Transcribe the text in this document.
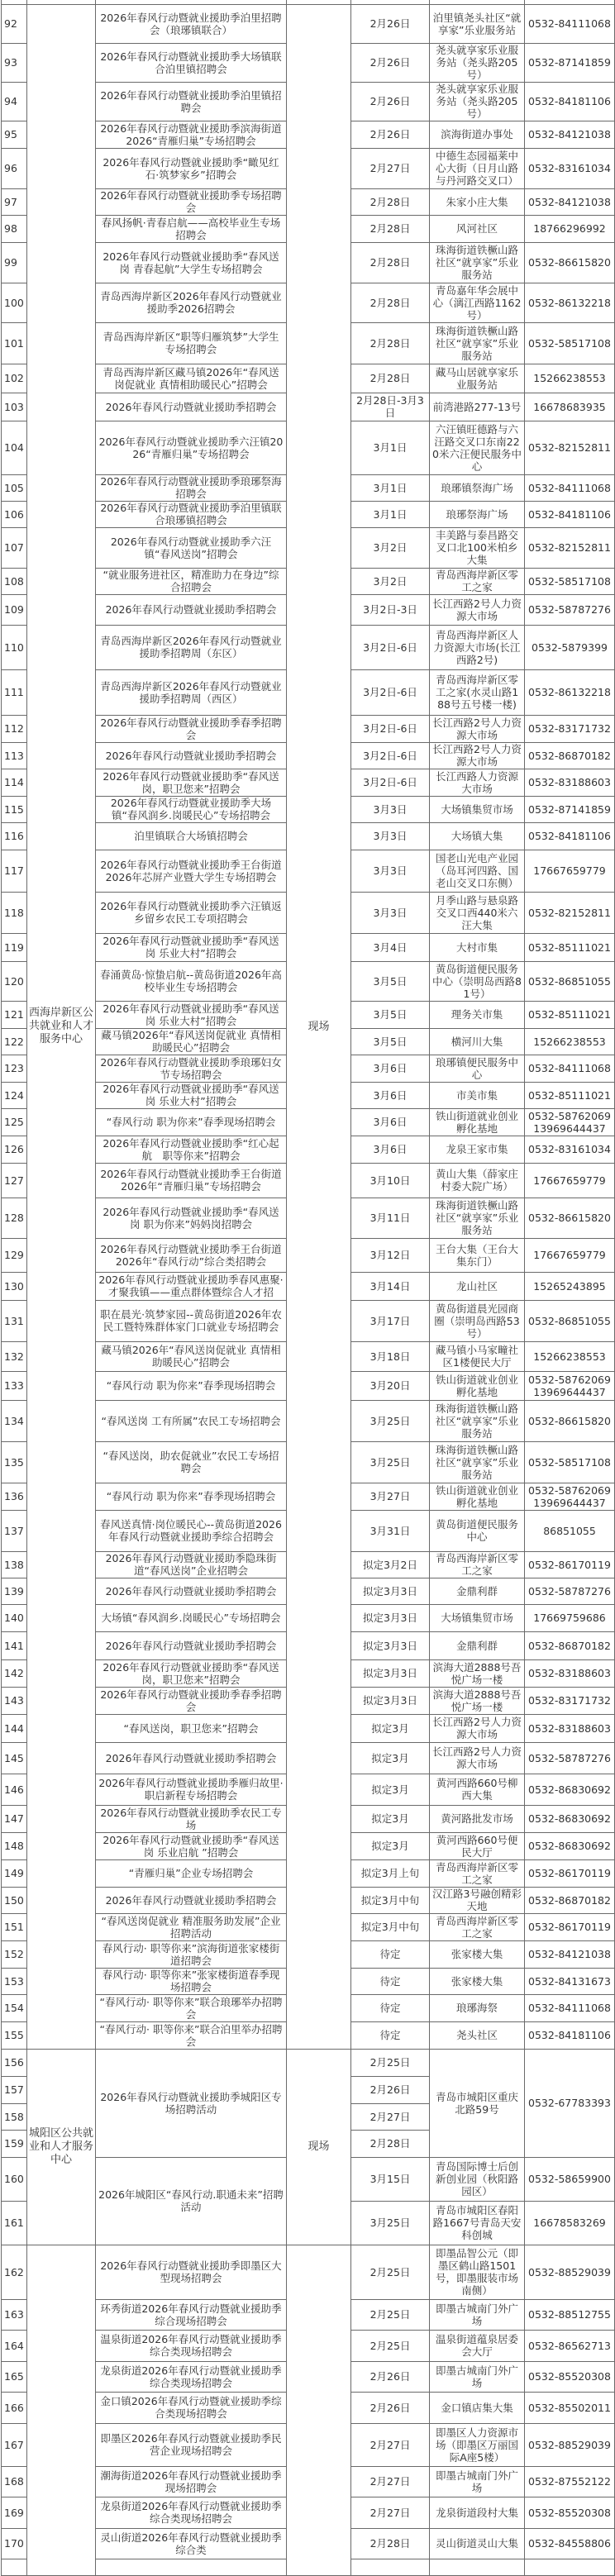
92	西海岸新区公共就业和人才服务中心	2026年春风行动暨就业援助季泊里招聘会（琅琊镇联合）	现场	2月26日	泊里镇尧头社区“就享家”乐业服务站	0532-84111068
93		2026年春风行动暨就业援助季大场镇联合泊里镇招聘会		2月26日	尧头就享家乐业服务站（尧头路205号）	0532-87141859
94		2026年春风行动暨就业援助季泊里镇招聘会		2月26日	尧头就享家乐业服务站（尧头路205号）	0532-84181106
95		2026年春风行动暨就业援助季滨海街道2026“青雁归巢”专场招聘会		2月26日	滨海街道办事处	0532-84121038
96		2026年春风行动暨就业援助季“瞰见红石·筑梦家乡”招聘会		2月27日	中德生态园福莱中心大街（日月山路与丹河路交叉口）	0532-83161034
97		2026年春风行动暨就业援助季专场招聘会		2月28日	朱家小庄大集	0532-84121038
98		春风扬帆·青春启航——高校毕业生专场招聘会		2月28日	风河社区	18766296992
99		2026年春风行动暨就业援助季“春风送岗 青春起航”大学生专场招聘会		2月28日	珠海街道铁橛山路社区“就享家”乐业服务站	0532-86615820
100		青岛西海岸新区2026年春风行动暨就业援助季2026招聘会		2月28日	青岛嘉年华会展中心（漓江西路1162号）	0532-86132218
101		青岛西海岸新区“职等归雁筑梦”大学生专场招聘会		2月28日	珠海街道铁橛山路社区“就享家”乐业服务站	0532-58517108
102		青岛西海岸新区藏马镇2026年“春风送岗促就业 真情相助暖民心”招聘会		2月28日	藏马山居就享家乐业服务站	15266238553
103		2026年春风行动暨就业援助季招聘会		2月28日-3月3日	前湾港路277-13号	16678683935
104		2026年春风行动暨就业援助季六汪镇2026“青雁归巢”专场招聘会		3月1日	六汪镇旺德路与六汪路交叉口东南220米六汪便民服务中心	0532-82152811
105		2026年春风行动暨就业援助季琅琊祭海招聘会		3月1日	琅琊镇祭海广场	0532-84111068
106		2026年春风行动暨就业援助季泊里镇联合琅琊镇招聘会		3月1日	琅琊祭海广场	0532-84181106
107		2026年春风行动暨就业援助季六汪镇“春风送岗”招聘会		3月2日	丰美路与泰昌路交叉口北100米柏乡大集	0532-82152811
108		“就业服务进社区，精准助力在身边”综合招聘会		3月2日	青岛西海岸新区零工之家	0532-58517108
109		2026年春风行动暨就业援助季招聘会		3月2日-3日	长江西路2号人力资源大市场	0532-58787276
110		青岛西海岸新区2026年春风行动暨就业援助季招聘周（东区）		3月2日-6日	青岛西海岸新区人力资源大市场(长江西路2号)	0532-5879399
111		青岛西海岸新区2026年春风行动暨就业援助季招聘周（西区）		3月2日-6日	青岛西海岸新区零工之家(水灵山路188号五号楼一楼)	0532-86132218
112		2026年春风行动暨就业援助季春季招聘会		3月2日-6日	长江西路2号人力资源大市场	0532-83171732
113		2026年春风行动暨就业援助季招聘会		3月2日-6日	长江西路2号人力资源大市场	0532-86870182
114		2026年春风行动暨就业援助季“春风送岗，职卫您来”招聘会		3月2日-6日	长江西路人力资源大市场	0532-83188603
115		2026年春风行动暨就业援助季大场镇“春风润乡.岗暖民心”专场招聘会		3月3日	大场镇集贸市场	0532-87141859
116		泊里镇联合大场镇招聘会		3月3日	大场镇大集	0532-84181106
117		2026年春风行动暨就业援助季王台街道2026年芯屏产业暨大学生专场招聘会		3月3日	国老山光电产业园（岛耳河四路、国老山交叉口东侧）	17667659779
118		2026年春风行动暨就业援助季六汪镇返乡留乡农民工专项招聘会		3月3日	月季山路与悬泉路交叉口西440米六汪大集	0532-82152811
119		2026年春风行动暨就业援助季“春风送岗 乐业大村”招聘会		3月4日	大村市集	0532-85111021
120		春涌黄岛·惊蛰启航--黄岛街道2026年高校毕业生专场招聘会		3月5日	黄岛街道便民服务中心（崇明岛西路81号）	0532-86851055
121		2026年春风行动暨就业援助季“春风送岗 乐业大村”招聘会		3月5日	理务关市集	0532-85111021
122		藏马镇2026年“春风送岗促就业 真情相助暖民心”招聘会		3月5日	横河川大集	15266238553
123		2026年春风行动暨就业援助季琅琊妇女节专场招聘会		3月6日	琅琊镇便民服务中心	0532-84111068
124		2026年春风行动暨就业援助季“春风送岗 乐业大村”招聘会		3月6日	市美市集	0532-85111021
125		“春风行动 职为你来”春季现场招聘会		3月6日	铁山街道就业创业孵化基地	0532-58762069
13969644437
126		2026年春风行动暨就业援助季“红心起航　职等你来”招聘会		3月6日	龙泉王家市集	0532-83161034
127		2026年春风行动暨就业援助季王台街道2026年“青雁归巢”专场招聘会		3月10日	黄山大集（薛家庄村委大院广场）	17667659779
128		2026年春风行动暨就业援助季“春风送岗 职为你来”妈妈岗招聘会		3月11日	珠海街道铁橛山路社区“就享家”乐业服务站	0532-86615820
129		2026年春风行动暨就业援助季王台街道2026年“春风行动”综合类招聘会		3月12日	王台大集（王台大集东门）	17667659779
130		2026年春风行动暨就业援助季春风惠聚·才聚我镇——重点群体暨综合人才招		3月14日	龙山社区	15265243895
131		职在晨光·筑梦家园--黄岛街道2026年农民工暨特殊群体家门口就业专场招聘会		3月17日	黄岛街道晨光园商圈（崇明岛西路53号）	0532-86851055
132		藏马镇2026年“春风送岗促就业 真情相助暖民心”招聘会		3月18日	藏马镇小马家疃社区1楼便民大厅	15266238553
133		“春风行动 职为你来”春季现场招聘会		3月20日	铁山街道就业创业孵化基地	0532-58762069
13969644437
134		“春风送岗 工有所属”农民工专场招聘会		3月25日	珠海街道铁橛山路社区“就享家”乐业服务站	0532-86615820
135		“春风送岗，助农促就业”农民工专场招聘会		3月25日	珠海街道铁橛山路社区“就享家”乐业服务站	0532-58517108
136		“春风行动 职为你来”春季现场招聘会		3月27日	铁山街道就业创业孵化基地	0532-58762069
13969644437
137		春风送真情·岗位暖民心--黄岛街道2026年春风行动暨就业援助季综合招聘会		3月31日	黄岛街道便民服务中心	86851055
138		2026年春风行动暨就业援助季隐珠街道“春风送岗”企业招聘会		拟定3月2日	青岛西海岸新区零工之家	0532-86170119
139		2026年春风行动暨就业援助季招聘会		拟定3月3日	金鼎利群	0532-58787276
140		大场镇“春风润乡.岗暖民心”专场招聘会		拟定3月3日	大场镇集贸市场	17669759686
141		2026年春风行动暨就业援助季招聘会		拟定3月3日	金鼎利群	0532-86870182
142		2026年春风行动暨就业援助季“春风送岗，职卫您来”招聘会		拟定3月3日	滨海大道2888号吾悦广场一楼	0532-83188603
143		2026年春风行动暨就业援助季春季招聘会		拟定3月3日	滨海大道2888号吾悦广场一楼	0532-83171732
144		“春风送岗，职卫您来”招聘会		拟定3月	长江西路2号人力资源大市场	0532-83188603
145		2026年春风行动暨就业援助季招聘会		拟定3月	长江西路2号人力资源大市场	0532-58787276
146		2026年春风行动暨就业援助季雁归故里·职启新程专场招聘会		拟定3月	黄河西路660号柳西大集	0532-86830692
147		2026年春风行动暨就业援助季农民工专场		拟定3月	黄河路批发市场	0532-86830692
148		2026年春风行动暨就业援助季“春风送岗 乐业启航 ”招聘会		拟定3月	黄河西路660号便民大厅	0532-86830692
149		“青雁归巢”企业专场招聘会		拟定3月上旬	青岛西海岸新区零工之家	0532-86170119
150		2026年春风行动暨就业援助季招聘会		拟定3月中旬	汉江路3号融创精彩天地	0532-86870182
151		“春风送岗促就业 精准服务助发展”企业招聘活动		拟定3月中旬	青岛西海岸新区零工之家	0532-86170119
152		春风行动· 职等你来”滨海街道张家楼街道招聘会		待定	张家楼大集	0532-84121038
153		春风行动· 职等你来”张家楼街道春季现场招聘会		待定	张家楼大集	0532-84131673
154		“春风行动· 职等你来”联合琅琊举办招聘会		待定	琅琊海祭	0532-84111068
155		“春风行动· 职等你来”联合泊里举办招聘会		待定	尧头社区	0532-84181106
156	城阳区公共就业和人才服务中心	2026年春风行动暨就业援助季城阳区专场招聘活动	现场	2月25日	青岛市城阳区重庆北路59号	0532-67783393
157				2月26日		
158				2月27日		
159				2月28日		
160		2026年城阳区“春风行动.职通未来”招聘活动		3月15日	青岛国际博士后创新创业园（秋阳路园区）	0532-58659900
161				3月25日	青岛市城阳区春阳路1667号青岛天安科创城	16678583269
162		2026年春风行动暨就业援助季即墨区大型现场招聘会		2月25日	即墨品智公元（即墨区鹤山路1501号，即墨服装市场南侧）	0532-88529039
163		环秀街道2026年春风行动暨就业援助季综合现场招聘会		2月25日	即墨古城南门外广场	0532-88512755
164		温泉街道2026年春风行动暨就业援助季综合类现场招聘会		2月25日	温泉街道蕴泉居委会大厅	0532-86562713
165		龙泉街道2026年春风行动暨就业援助季综合类现场招聘会		2月26日	即墨古城南门外广场	0532-85520308
166		金口镇2026年春风行动暨就业援助季综合类现场招聘会		2月26日	金口镇店集大集	0532-85502011
167		即墨区2026年春风行动暨就业援助季民营企业现场招聘会		2月27日	即墨区人力资源市场（即墨区万丽国际A座5楼）	0532-88529039
168		潮海街道2026年春风行动暨就业援助季现场招聘会		2月27日	即墨古城南门外广场	0532-87552122
169		龙泉街道2026年春风行动暨就业援助季综合类现场招聘会		2月27日	龙泉街道段村大集	0532-85520308
170		灵山街道2026年春风行动暨就业援助季综合类		2月28日	灵山街道灵山大集	0532-84558806
